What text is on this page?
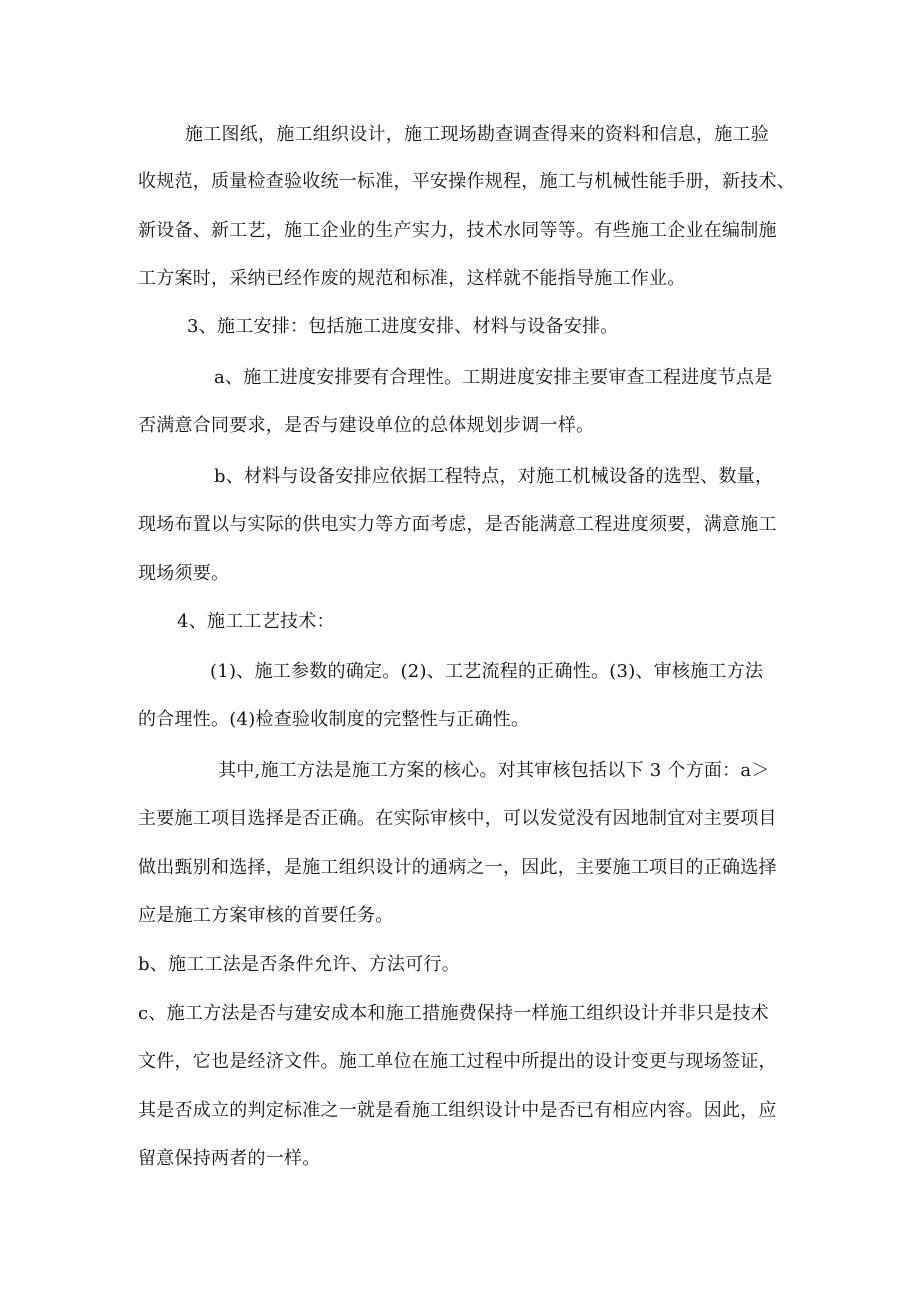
施工图纸，施工组织设计，施工现场勘查调查得来的资料和信息，施工验
收规范，质量检查验收统一标准，平安操作规程，施工与机械性能手册，新技术、
新设备、新工艺，施工企业的生产实力，技术水同等等。有些施工企业在编制施
工方案时，采纳已经作废的规范和标准，这样就不能指导施工作业。
3、施工安排：包括施工进度安排、材料与设备安排。
a、施工进度安排要有合理性。工期进度安排主要审查工程进度节点是
否满意合同要求，是否与建设单位的总体规划步调一样。
b、材料与设备安排应依据工程特点，对施工机械设备的选型、数量，
现场布置以与实际的供电实力等方面考虑，是否能满意工程进度须要，满意施工
现场须要。
4、施工工艺技术：
(1)、施工参数的确定。(2)、工艺流程的正确性。(3)、审核施工方法
的合理性。(4)检查验收制度的完整性与正确性。
其中,施工方法是施工方案的核心。对其审核包括以下 3 个方面：a＞
主要施工项目选择是否正确。在实际审核中，可以发觉没有因地制宜对主要项目
做出甄别和选择，是施工组织设计的通病之一，因此，主要施工项目的正确选择
应是施工方案审核的首要任务。
b、施工工法是否条件允许、方法可行。
c、施工方法是否与建安成本和施工措施费保持一样施工组织设计并非只是技术
文件，它也是经济文件。施工单位在施工过程中所提出的设计变更与现场签证，
其是否成立的判定标准之一就是看施工组织设计中是否已有相应内容。因此，应
留意保持两者的一样。
